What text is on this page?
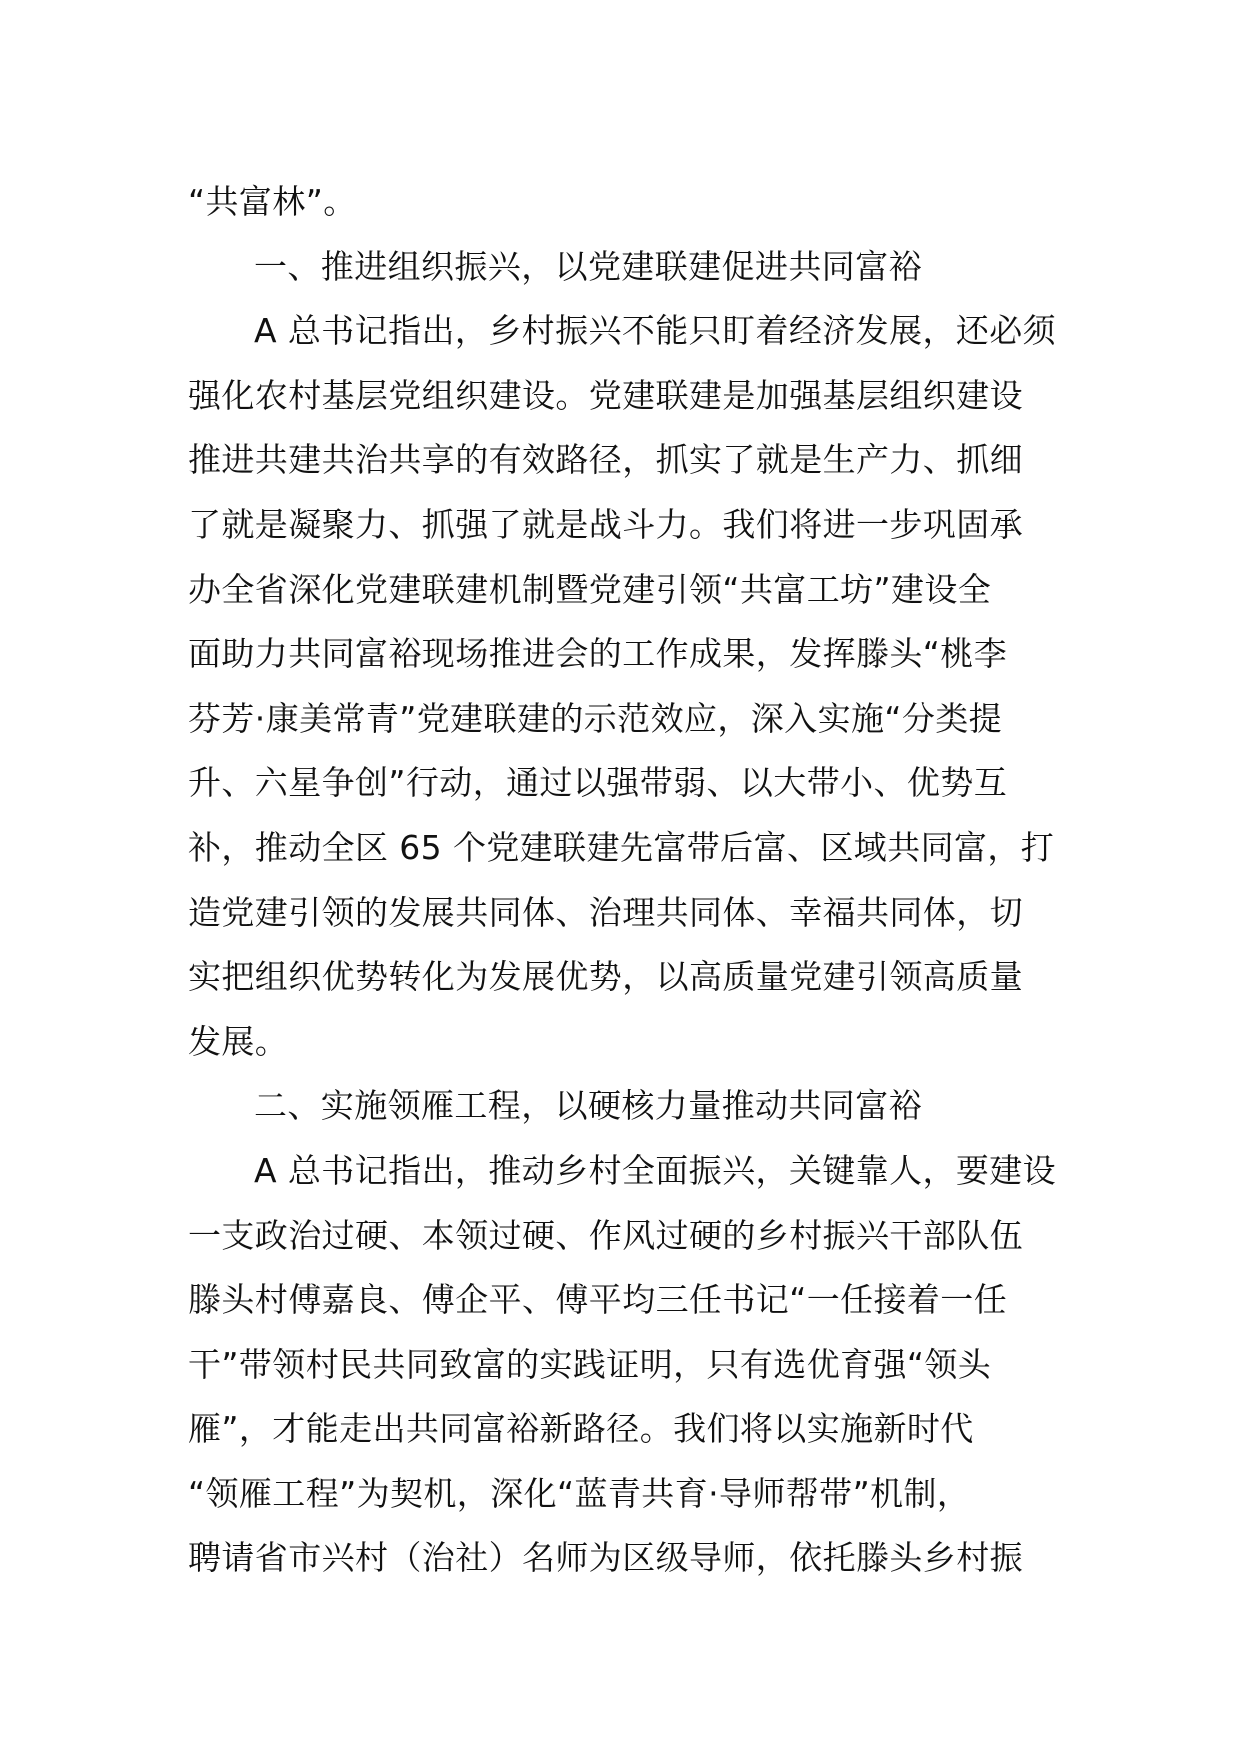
“共富林”。
一、推进组织振兴，以党建联建促进共同富裕
A 总书记指出，乡村振兴不能只盯着经济发展，还必须
强化农村基层党组织建设。党建联建是加强基层组织建设
推进共建共治共享的有效路径，抓实了就是生产力、抓细
了就是凝聚力、抓强了就是战斗力。我们将进一步巩固承
办全省深化党建联建机制暨党建引领“共富工坊”建设全
面助力共同富裕现场推进会的工作成果，发挥滕头“桃李
芬芳·康美常青”党建联建的示范效应，深入实施“分类提
升、六星争创”行动，通过以强带弱、以大带小、优势互
补，推动全区 65 个党建联建先富带后富、区域共同富，打
造党建引领的发展共同体、治理共同体、幸福共同体，切
实把组织优势转化为发展优势，以高质量党建引领高质量
发展。
二、实施领雁工程，以硬核力量推动共同富裕
A 总书记指出，推动乡村全面振兴，关键靠人，要建设
一支政治过硬、本领过硬、作风过硬的乡村振兴干部队伍
滕头村傅嘉良、傅企平、傅平均三任书记“一任接着一任
干”带领村民共同致富的实践证明，只有选优育强“领头
雁”，才能走出共同富裕新路径。我们将以实施新时代
“领雁工程”为契机，深化“蓝青共育·导师帮带”机制，
聘请省市兴村（治社）名师为区级导师，依托滕头乡村振
